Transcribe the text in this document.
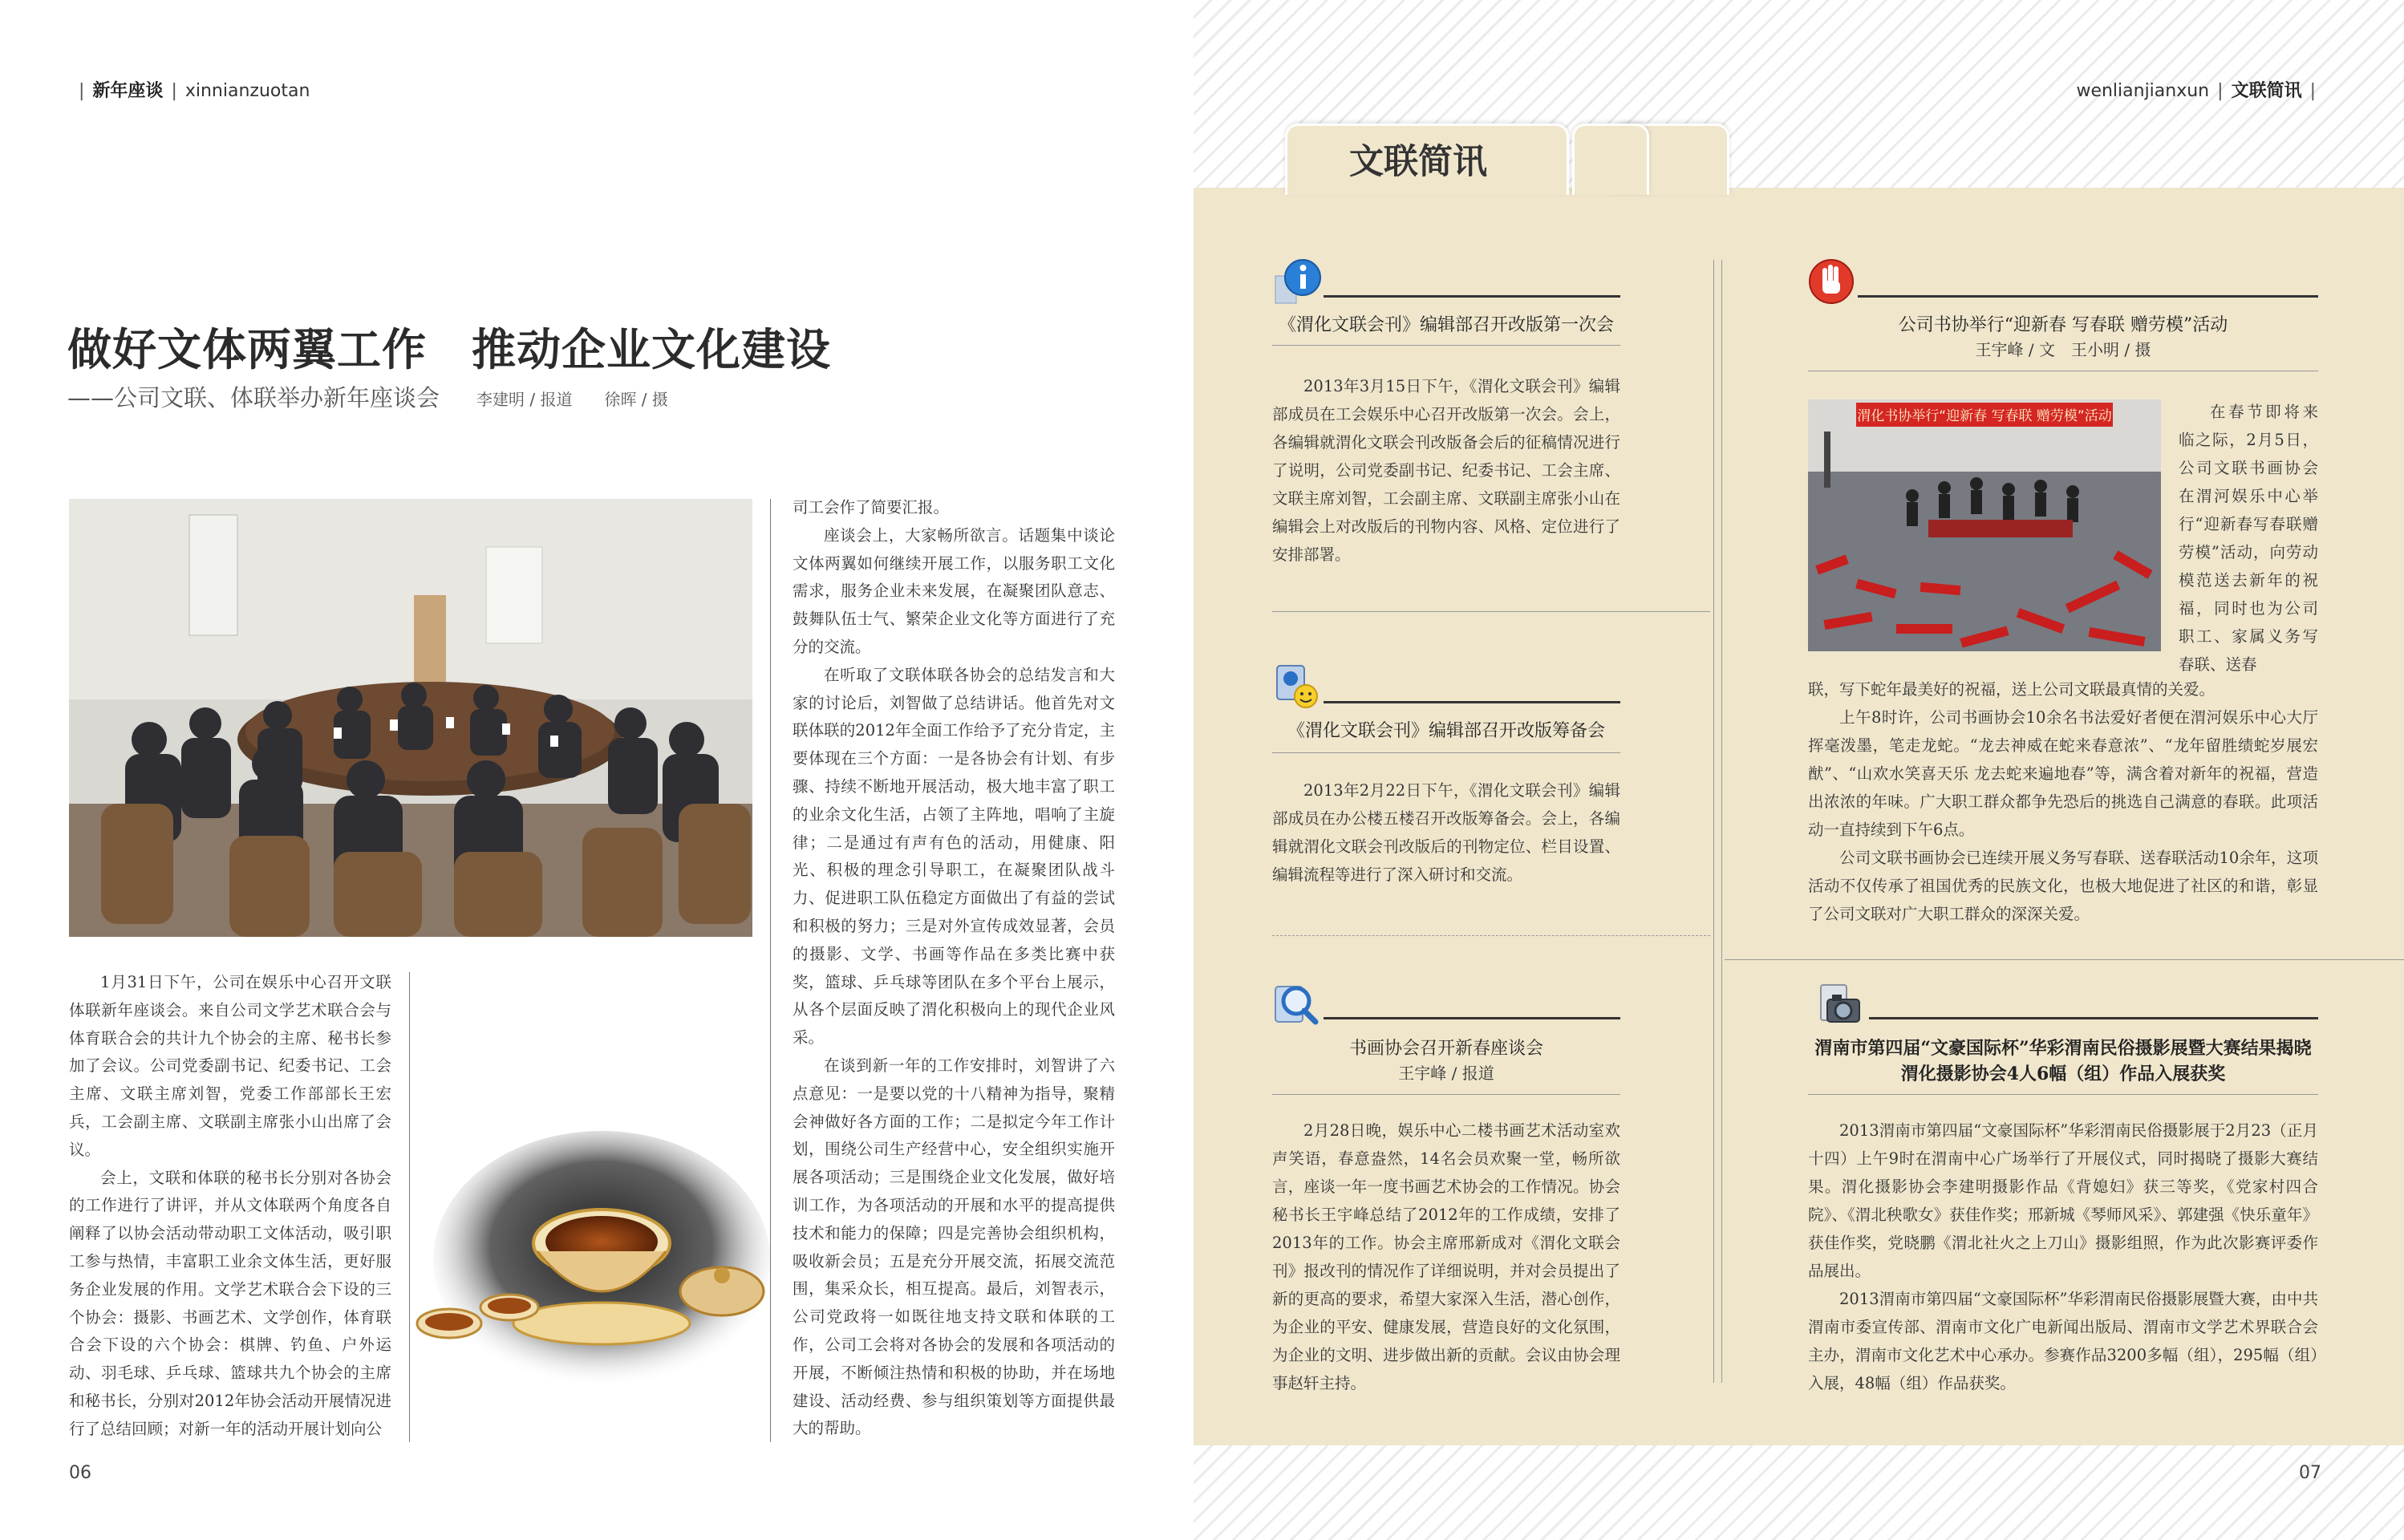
| 新年座谈 | xinnianzuotan	wenlianjianxun | 文联简讯 |
做好文体两翼工作　推动企业文化建设
——公司文联、体联举办新年座谈会 李建明 / 报道　　徐晖 / 摄

1月31日下午，公司在娱乐中心召开文联体联新年座谈会。来自公司文学艺术联合会与体育联合会的共计九个协会的主席、秘书长参加了会议。公司党委副书记、纪委书记、工会主席、文联主席刘智，党委工作部部长王宏兵，工会副主席、文联副主席张小山出席了会议。

会上，文联和体联的秘书长分别对各协会的工作进行了讲评，并从文体联两个角度各自阐释了以协会活动带动职工文体活动，吸引职工参与热情，丰富职工业余文体生活，更好服务企业发展的作用。文学艺术联合会下设的三个协会：摄影、书画艺术、文学创作，体育联合会下设的六个协会：棋牌、钓鱼、户外运动、羽毛球、乒乓球、篮球共九个协会的主席和秘书长，分别对2012年协会活动开展情况进行了总结回顾；对新一年的活动开展计划向公

司工会作了简要汇报。

座谈会上，大家畅所欲言。话题集中谈论文体两翼如何继续开展工作，以服务职工文化需求，服务企业未来发展，在凝聚团队意志、鼓舞队伍士气、繁荣企业文化等方面进行了充分的交流。

在听取了文联体联各协会的总结发言和大家的讨论后，刘智做了总结讲话。他首先对文联体联的2012年全面工作给予了充分肯定，主要体现在三个方面：一是各协会有计划、有步骤、持续不断地开展活动，极大地丰富了职工的业余文化生活，占领了主阵地，唱响了主旋律；二是通过有声有色的活动，用健康、阳光、积极的理念引导职工，在凝聚团队战斗力、促进职工队伍稳定方面做出了有益的尝试和积极的努力；三是对外宣传成效显著，会员的摄影、文学、书画等作品在多类比赛中获奖，篮球、乒乓球等团队在多个平台上展示，从各个层面反映了渭化积极向上的现代企业风采。

在谈到新一年的工作安排时，刘智讲了六点意见：一是要以党的十八精神为指导，聚精会神做好各方面的工作；二是拟定今年工作计划，围绕公司生产经营中心，安全组织实施开展各项活动；三是围绕企业文化发展，做好培训工作，为各项活动的开展和水平的提高提供技术和能力的保障；四是完善协会组织机构，吸收新会员；五是充分开展交流，拓展交流范围，集采众长，相互提高。最后，刘智表示，公司党政将一如既往地支持文联和体联的工作，公司工会将对各协会的发展和各项活动的开展，不断倾注热情和积极的协助，并在场地建设、活动经费、参与组织策划等方面提供最大的帮助。

06	07
文联简讯
《渭化文联会刊》编辑部召开改版第一次会

2013年3月15日下午，《渭化文联会刊》编辑部成员在工会娱乐中心召开改版第一次会。会上，各编辑就渭化文联会刊改版备会后的征稿情况进行了说明，公司党委副书记、纪委书记、工会主席、文联主席刘智，工会副主席、文联副主席张小山在编辑会上对改版后的刊物内容、风格、定位进行了安排部署。

《渭化文联会刊》编辑部召开改版筹备会

2013年2月22日下午，《渭化文联会刊》编辑部成员在办公楼五楼召开改版筹备会。会上，各编辑就渭化文联会刊改版后的刊物定位、栏目设置、编辑流程等进行了深入研讨和交流。

书画协会召开新春座谈会
王宇峰 / 报道

2月28日晚，娱乐中心二楼书画艺术活动室欢声笑语，春意盎然，14名会员欢聚一堂，畅所欲言，座谈一年一度书画艺术协会的工作情况。协会秘书长王宇峰总结了2012年的工作成绩，安排了2013年的工作。协会主席邢新成对《渭化文联会刊》报改刊的情况作了详细说明，并对会员提出了新的更高的要求，希望大家深入生活，潜心创作，为企业的平安、健康发展，营造良好的文化氛围，为企业的文明、进步做出新的贡献。会议由协会理事赵轩主持。

公司书协举行“迎新春 写春联 赠劳模”活动
王宇峰 / 文　王小明 / 摄
渭化书协举行“迎新春 写春联 赠劳模”活动	在春节即将来临之际，2月5日，公司文联书画协会在渭河娱乐中心举行“迎新春写春联赠劳模”活动，向劳动模范送去新年的祝福，同时也为公司职工、家属义务写春联、送春

联，写下蛇年最美好的祝福，送上公司文联最真情的关爱。

上午8时许，公司书画协会10余名书法爱好者便在渭河娱乐中心大厅挥毫泼墨，笔走龙蛇。“龙去神威在蛇来春意浓”、“龙年留胜绩蛇岁展宏猷”、“山欢水笑喜天乐 龙去蛇来遍地春”等，满含着对新年的祝福，营造出浓浓的年味。广大职工群众都争先恐后的挑选自己满意的春联。此项活动一直持续到下午6点。

公司文联书画协会已连续开展义务写春联、送春联活动10余年，这项活动不仅传承了祖国优秀的民族文化，也极大地促进了社区的和谐，彰显了公司文联对广大职工群众的深深关爱。

渭南市第四届“文豪国际杯”华彩渭南民俗摄影展暨大赛结果揭晓
渭化摄影协会4人6幅（组）作品入展获奖

2013渭南市第四届“文豪国际杯”华彩渭南民俗摄影展于2月23（正月十四）上午9时在渭南中心广场举行了开展仪式，同时揭晓了摄影大赛结果。渭化摄影协会李建明摄影作品《背媳妇》获三等奖，《党家村四合院》、《渭北秧歌女》获佳作奖；邢新城《琴师风采》、郭建强《快乐童年》获佳作奖，党晓鹏《渭北社火之上刀山》摄影组照，作为此次影赛评委作品展出。

2013渭南市第四届“文豪国际杯”华彩渭南民俗摄影展暨大赛，由中共渭南市委宣传部、渭南市文化广电新闻出版局、渭南市文学艺术界联合会主办，渭南市文化艺术中心承办。参赛作品3200多幅（组），295幅（组）入展，48幅（组）作品获奖。
